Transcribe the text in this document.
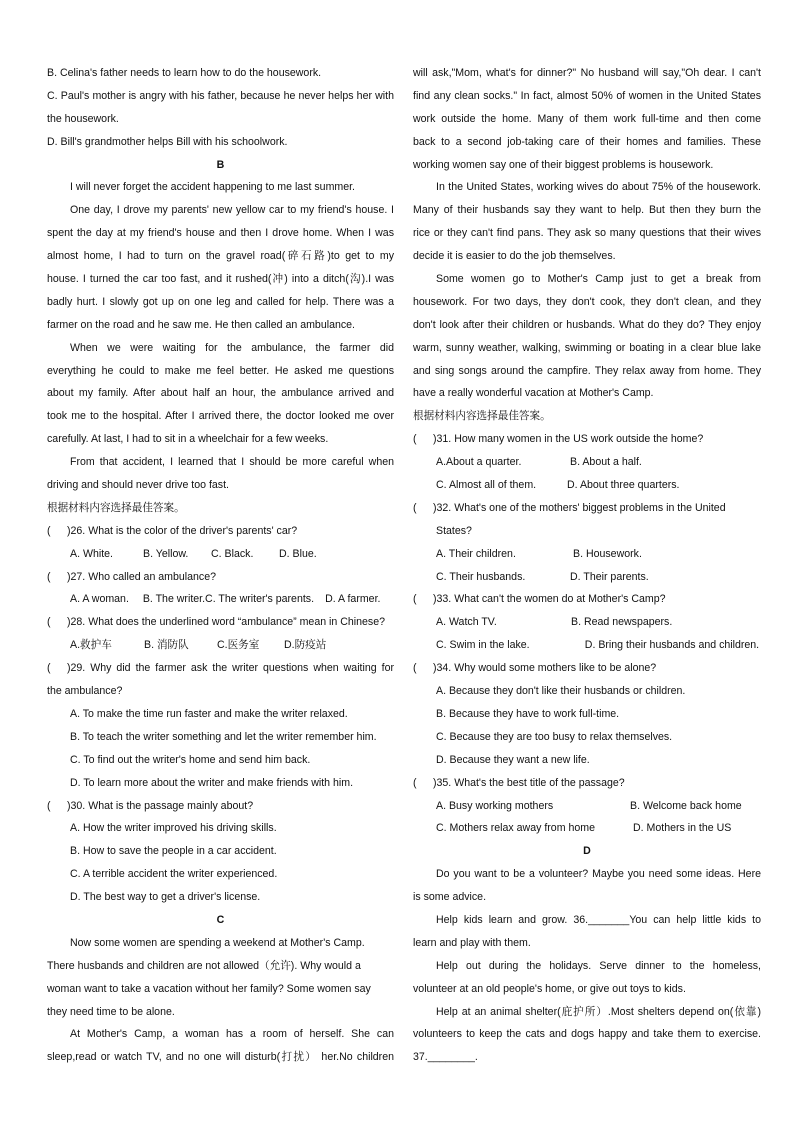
B. Celina's father needs to learn how to do the housework.
C. Paul's mother is angry with his father, because he never helps her with
the housework.
D. Bill's grandmother helps Bill with his schoolwork.
B
I will never forget the accident happening to me last summer.
One day, I drove my parents' new yellow car to my friend's house. I
spent the day at my friend's house and then I drove home. When I was
almost home, I had to turn on the gravel road(碎石路)to get to my
house. I turned the car too fast, and it rushed(冲) into a ditch(沟).I was
badly hurt. I slowly got up on one leg and called for help. There was a
farmer on the road and he saw me. He then called an ambulance.
When we were waiting for the ambulance, the farmer did
everything he could to make me feel better. He asked me questions
about my family. After about half an hour, the ambulance arrived and
took me to the hospital. After I arrived there, the doctor looked me over
carefully. At last, I had to sit in a wheelchair for a few weeks.
From that accident, I learned that I should be more careful when
driving and should never drive too fast.
根据材料内容选择最佳答案。
( )26. What is the color of the driver's parents' car?
A. White.	B. Yellow.	C. Black.	D. Blue.
( )27. Who called an ambulance?
A. A woman.	B. The writer. C. The writer's parents.	D. A farmer.
( )28. What does the underlined word “ambulance” mean in Chinese?
A.救护车	B. 消防队	C.医务室	D.防疫站
( )29. Why did the farmer ask the writer questions when waiting for
the ambulance?
A. To make the time run faster and make the writer relaxed.
B. To teach the writer something and let the writer remember him.
C. To find out the writer's home and send him back.
D. To learn more about the writer and make friends with him.
( )30. What is the passage mainly about?
A. How the writer improved his driving skills.
B. How to save the people in a car accident.
C. A terrible accident the writer experienced.
D. The best way to get a driver's license.
C
Now some women are spending a weekend at Mother's Camp.
There husbands and children are not allowed（允许). Why would a
woman want to take a vacation without her family? Some women say
they need time to be alone.
At Mother's Camp, a woman has a room of herself. She can
sleep,read or watch TV, and no one will disturb(打扰） her.No children
will ask,"Mom, what's for dinner?" No husband will say,"Oh dear. I can't
find any clean socks." In fact, almost 50% of women in the United States
work outside the home. Many of them work full-time and then come
back to a second job-taking care of their homes and families. These
working women say one of their biggest problems is housework.
In the United States, working wives do about 75% of the housework.
Many of their husbands say they want to help. But then they burn the
rice or they can't find pans. They ask so many questions that their wives
decide it is easier to do the job themselves.
Some women go to Mother's Camp just to get a break from
housework. For two days, they don't cook, they don't clean, and they
don't look after their children or husbands. What do they do? They enjoy
warm, sunny weather, walking, swimming or boating in a clear blue lake
and sing songs around the campfire. They relax away from home. They
have a really wonderful vacation at Mother's Camp.
根据材料内容选择最佳答案。
( )31. How many women in the US work outside the home?
A.About a quarter.	B. About a half.
C. Almost all of them.	D. About three quarters.
( )32. What's one of the mothers' biggest problems in the United
States?
A. Their children.	B. Housework.
C. Their husbands.	D. Their parents.
( )33. What can't the women do at Mother's Camp?
A. Watch TV.	B. Read newspapers.
C. Swim in the lake.	D. Bring their husbands and children.
( )34. Why would some mothers like to be alone?
A. Because they don't like their husbands or children.
B. Because they have to work full-time.
C. Because they are too busy to relax themselves.
D. Because they want a new life.
( )35. What's the best title of the passage?
A. Busy working mothers	B. Welcome back home
C. Mothers relax away from home	D. Mothers in the US
D
Do you want to be a volunteer? Maybe you need some ideas. Here
is some advice.
Help kids learn and grow. 36._______You can help little kids to
learn and play with them.
Help out during the holidays. Serve dinner to the homeless,
volunteer at an old people's home, or give out toys to kids.
Help at an animal shelter(庇护所）.Most shelters depend on(依靠)
volunteers to keep the cats and dogs happy and take them to exercise.
37.________.
